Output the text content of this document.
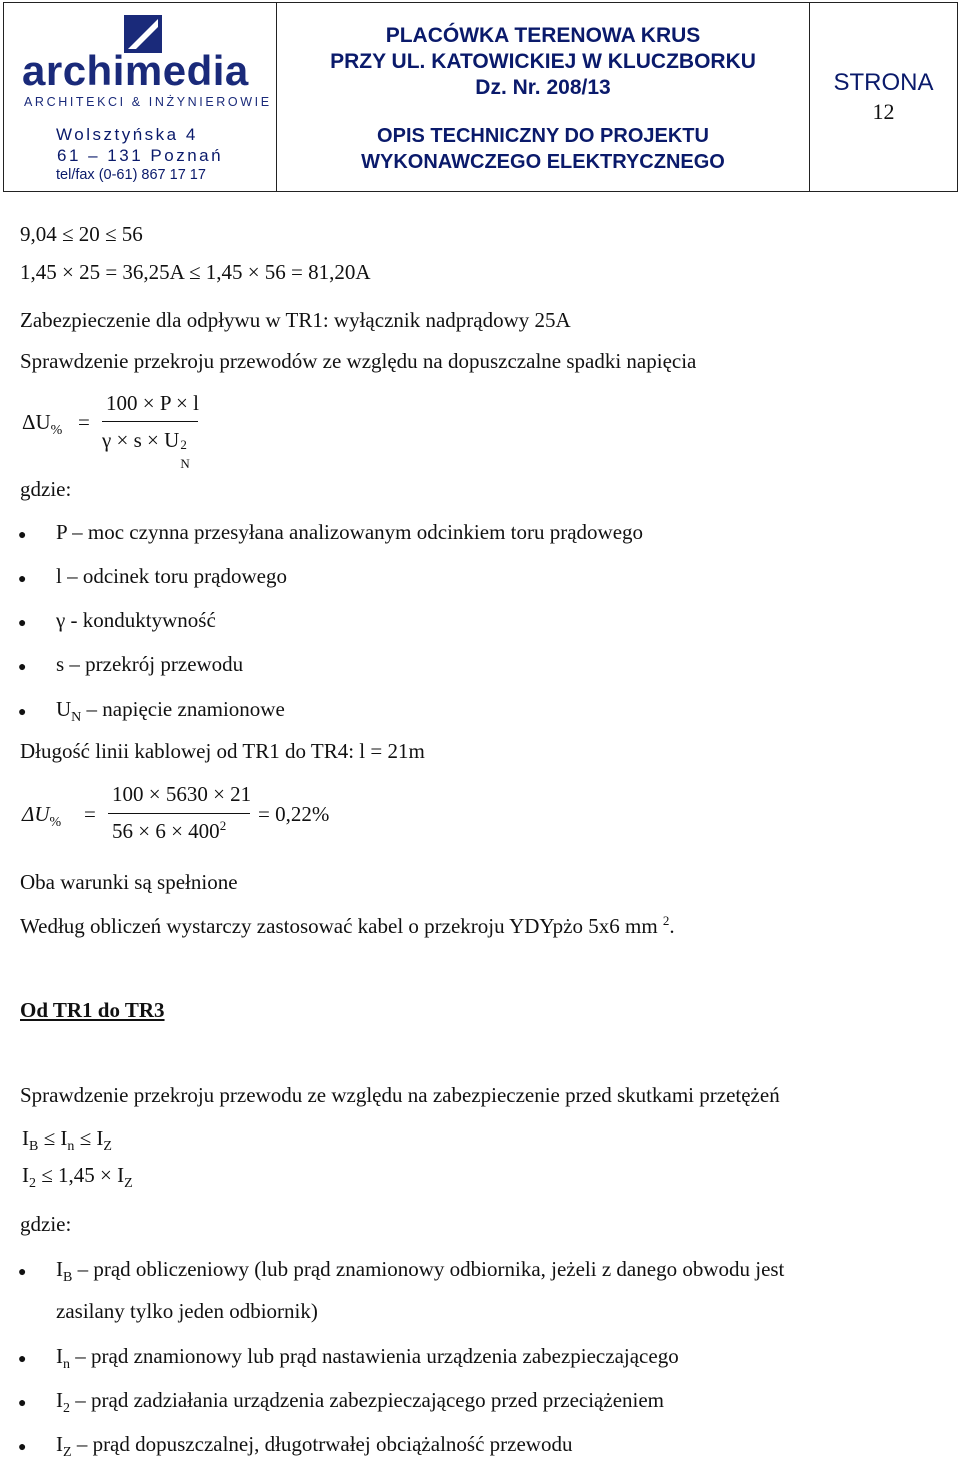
archimedia
ARCHITEKCI & INŻYNIEROWIE
Wolsztyńska 4
61 – 131 Poznań
tel/fax (0-61) 867 17 17

PLACÓWKA TERENOWA KRUS
PRZY UL. KATOWICKIEJ W KLUCZBORKU
Dz. Nr. 208/13
OPIS TECHNICZNY DO PROJEKTU
WYKONAWCZEGO ELEKTRYCZNEGO

STRONA
12
9,04 ≤ 20 ≤ 56
1,45 × 25 = 36,25A ≤ 1,45 × 56 = 81,20A
Zabezpieczenie dla odpływu w TR1: wyłącznik nadprądowy 25A
Sprawdzenie przekroju przewodów ze względu na dopuszczalne spadki napięcia
$\Delta U_{\%}$ =
100 × P × l
γ × s × U 2
N
gdzie:
● P – moc czynna przesyłana analizowanym odcinkiem toru prądowego
● l – odcinek toru prądowego
● γ - konduktywność
● s – przekrój przewodu
● $U_N$ – napięcie znamionowe
Długość linii kablowej od TR1 do TR4: l = 21m
$\Delta U_{\%}$ =
100 × 5630 × 21
$56 \times 6 \times 400^2 = 0,22\%$
Oba warunki są spełnione
Według obliczeń wystarczy zastosować kabel o przekroju YDYpżo 5x6 mm $^2$.
Od TR1 do TR3
Sprawdzenie przekroju przewodu ze względu na zabezpieczenie przed skutkami przetężeń
$I_B \le I_n \le I_Z$
$I_2 \le 1,45 \times I_Z$
gdzie:
● $I_B$ – prąd obliczeniowy (lub prąd znamionowy odbiornika, jeżeli z danego obwodu jest
zasilany tylko jeden odbiornik)
● $I_n$ – prąd znamionowy lub prąd nastawienia urządzenia zabezpieczającego
● $I_2$ – prąd zadziałania urządzenia zabezpieczającego przed przeciążeniem
● $I_Z$ – prąd dopuszczalnej, długotrwałej obciążalność przewodu
